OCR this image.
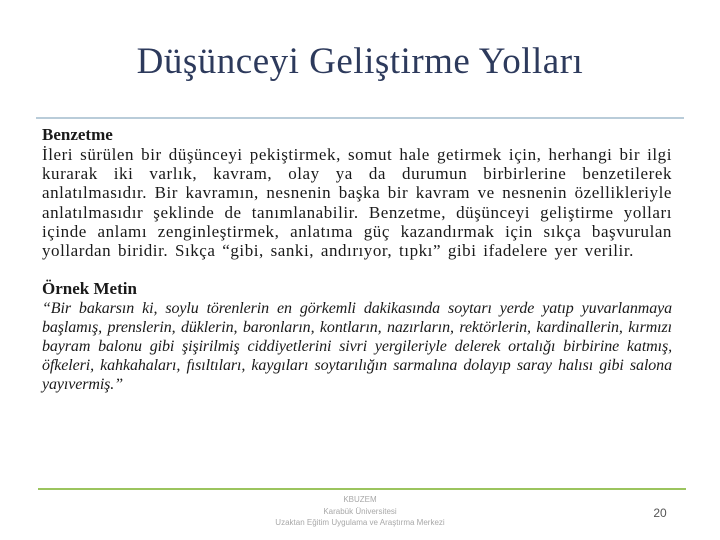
Düşünceyi Geliştirme Yolları
Benzetme
İleri sürülen bir düşünceyi pekiştirmek, somut hale getirmek için, herhangi bir ilgi kurarak iki varlık, kavram, olay ya da durumun birbirlerine benzetilerek anlatılmasıdır. Bir kavramın, nesnenin başka bir kavram ve nesnenin özellikleriyle anlatılmasıdır şeklinde de tanımlanabilir. Benzetme, düşünceyi geliştirme yolları içinde anlamı zenginleştirmek, anlatıma güç kazandırmak için sıkça başvurulan yollardan biridir. Sıkça “gibi, sanki, andırıyor, tıpkı” gibi ifadelere yer verilir.
Örnek Metin
“Bir bakarsın ki, soylu törenlerin en görkemli dakikasında soytarı yerde yatıp yuvarlanmaya başlamış, prenslerin, düklerin, baronların, kontların, nazırların, rektörlerin, kardinallerin, kırmızı bayram balonu gibi şişirilmiş ciddiyetlerini sivri yergileriyle delerek ortalığı birbirine katmış, öfkeleri, kahkahaları, fısıltıları, kaygıları soytarılığın sarmalına dolayıp saray halısı gibi salona yayıvermiş.”
KBUZEM
Karabük Üniversitesi
Uzaktan Eğitim Uygulama ve Araştırma Merkezi
20
